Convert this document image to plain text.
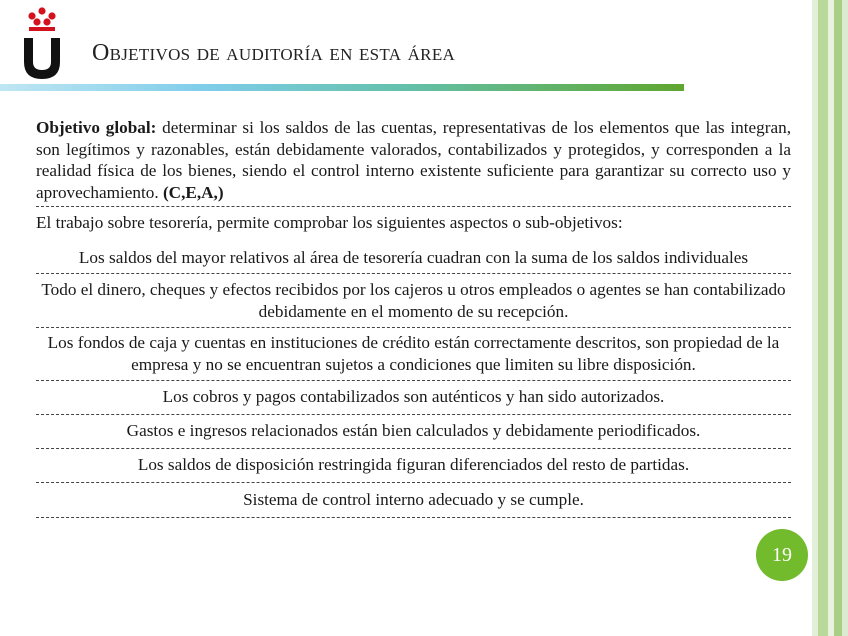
Objetivos de auditoría en esta área
Objetivo global: determinar si los saldos de las cuentas, representativas de los elementos que las integran, son legítimos y razonables, están debidamente valorados, contabilizados y protegidos, y corresponden a la realidad física de los bienes, siendo el control interno existente suficiente para garantizar su correcto uso y aprovechamiento. (C,E,A,)
El trabajo sobre tesorería, permite comprobar los siguientes aspectos o sub-objetivos:
Los saldos del mayor relativos al área de tesorería cuadran con la suma de los saldos individuales
Todo el dinero, cheques y efectos recibidos por los cajeros u otros empleados o agentes se han contabilizado debidamente en el momento de su recepción.
Los fondos de caja y cuentas en instituciones de crédito están correctamente descritos, son propiedad de la empresa y no se encuentran sujetos a condiciones que limiten su libre disposición.
Los cobros y pagos contabilizados son auténticos y han sido autorizados.
Gastos e ingresos relacionados están bien calculados y debidamente periodificados.
Los saldos de disposición restringida figuran diferenciados del resto de partidas.
Sistema de control interno adecuado y se cumple.
19
